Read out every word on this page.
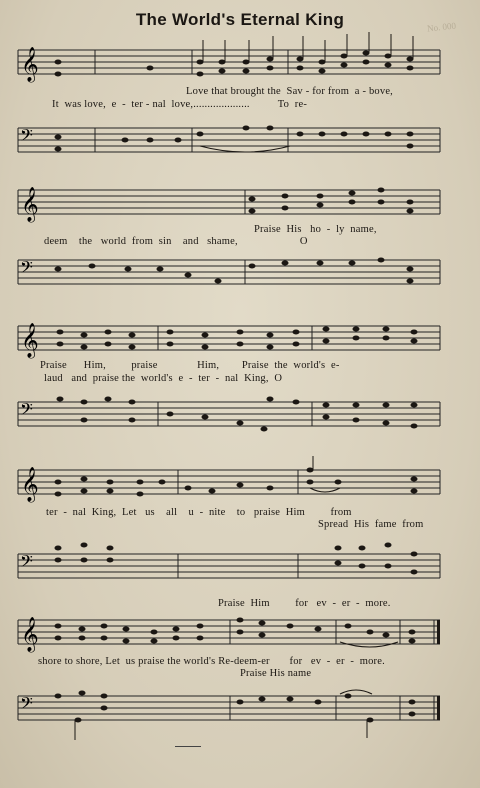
The World's Eternal King	No. 000
𝄞
Love that brought the  Sav - for from  a - bove,
It  was love,  e  -  ter - nal  love,....................          To  re-
𝄢
𝄞
Praise  His   ho  -  ly  name,
deem    the   world  from  sin    and   shame,                      O
𝄢
𝄞
Praise      Him,         praise              Him,        Praise  the  world's  e-
laud   and  praise the  world's  e  -  ter  -  nal  King,  O
𝄢
𝄞
ter  -  nal  King,  Let   us    all    u  -  nite    to   praise  Him         from
Spread  His  fame  from
𝄢
Praise  Him         for   ev  -  er  -  more.
𝄞
shore to shore, Let  us praise the world's Re-deem-er       for   ev  -  er  -  more.
Praise His name
𝄢
